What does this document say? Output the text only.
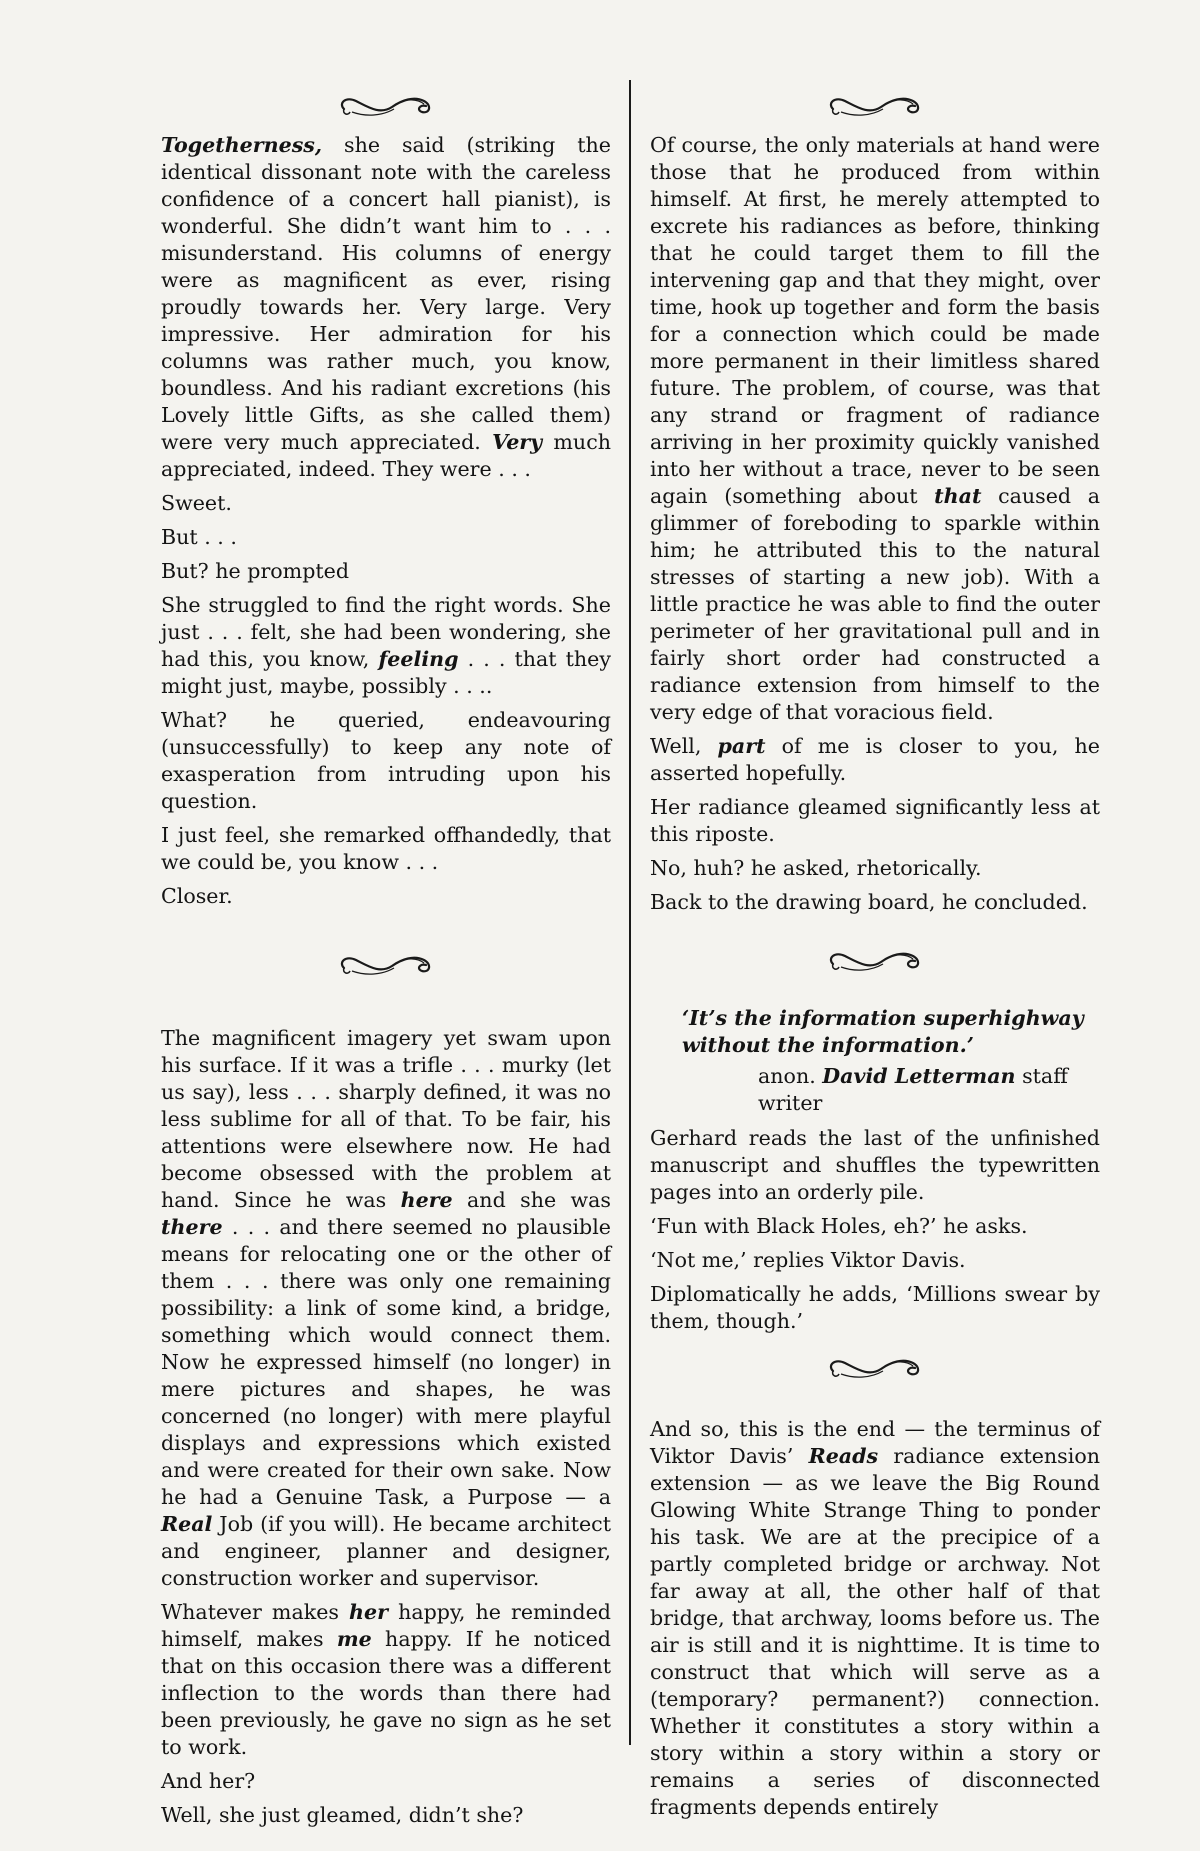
Togetherness, she said (striking the identical dissonant note with the careless confidence of a concert hall pianist), is wonderful. She didn’t want him to . . . misunderstand. His columns of energy were as magnificent as ever, rising proudly towards her. Very large. Very impressive. Her admiration for his columns was rather much, you know, boundless. And his radiant excretions (his Lovely little Gifts, as she called them) were very much appreciated. Very much appreciated, indeed. They were . . .

Sweet.

But . . .

But? he prompted

She struggled to find the right words. She just . . . felt, she had been wondering, she had this, you know, feeling . . . that they might just, maybe, possibly . . ..

What? he queried, endeavouring (unsuccessfully) to keep any note of exasperation from intruding upon his question.

I just feel, she remarked offhandedly, that we could be, you know . . .

Closer.

The magnificent imagery yet swam upon his surface. If it was a trifle . . . murky (let us say), less . . . sharply defined, it was no less sublime for all of that. To be fair, his attentions were elsewhere now. He had become obsessed with the problem at hand. Since he was here and she was there . . . and there seemed no plausible means for relocating one or the other of them . . . there was only one remaining possibility: a link of some kind, a bridge, something which would connect them. Now he expressed himself (no longer) in mere pictures and shapes, he was concerned (no longer) with mere playful displays and expressions which existed and were created for their own sake. Now he had a Genuine Task, a Purpose — a Real Job (if you will). He became architect and engineer, planner and designer, construction worker and supervisor.

Whatever makes her happy, he reminded himself, makes me happy. If he noticed that on this occasion there was a different inflection to the words than there had been previously, he gave no sign as he set to work.

And her?

Well, she just gleamed, didn’t she?

Of course, the only materials at hand were those that he produced from within himself. At first, he merely attempted to excrete his radiances as before, thinking that he could target them to fill the intervening gap and that they might, over time, hook up together and form the basis for a connection which could be made more permanent in their limitless shared future. The problem, of course, was that any strand or fragment of radiance arriving in her proximity quickly vanished into her without a trace, never to be seen again (something about that caused a glimmer of foreboding to sparkle within him; he attributed this to the natural stresses of starting a new job). With a little practice he was able to find the outer perimeter of her gravitational pull and in fairly short order had constructed a radiance extension from himself to the very edge of that voracious field.

Well, part of me is closer to you, he asserted hopefully.

Her radiance gleamed significantly less at this riposte.

No, huh? he asked, rhetorically.

Back to the drawing board, he concluded.

‘It’s the information superhighway
without the information.’
anon. David Letterman staff writer

Gerhard reads the last of the unfinished manuscript and shuffles the typewritten pages into an orderly pile.

‘Fun with Black Holes, eh?’ he asks.

‘Not me,’ replies Viktor Davis.

Diplomatically he adds, ‘Millions swear by them, though.’

And so, this is the end — the terminus of Viktor Davis’ Reads radiance extension extension — as we leave the Big Round Glowing White Strange Thing to ponder his task. We are at the precipice of a partly completed bridge or archway. Not far away at all, the other half of that bridge, that archway, looms before us. The air is still and it is nighttime. It is time to construct that which will serve as a (temporary? permanent?) connection. Whether it constitutes a story within a story within a story within a story or remains a series of disconnected fragments depends entirely
